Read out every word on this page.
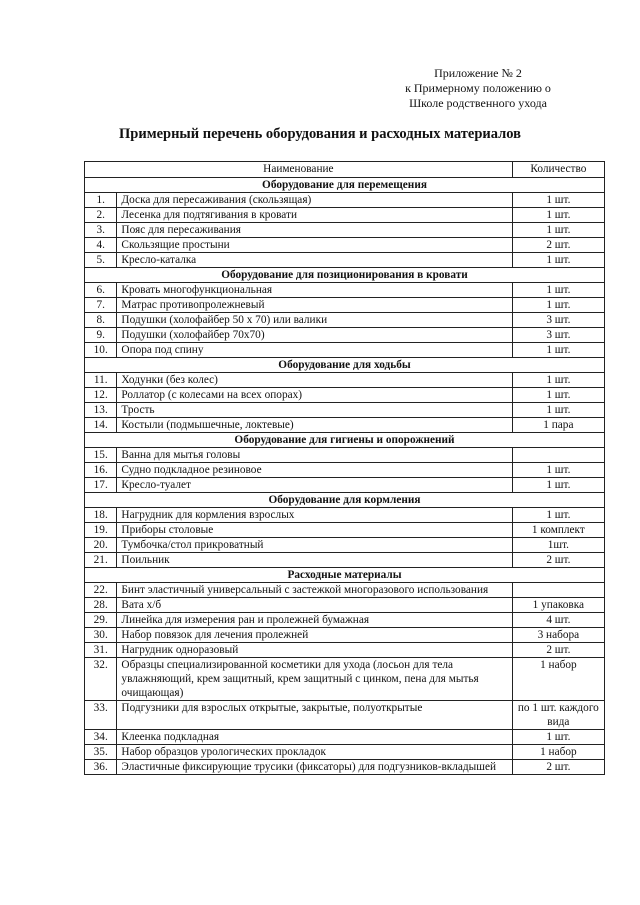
Приложение № 2
к Примерному положению о
Школе родственного ухода
Примерный перечень оборудования и расходных материалов
Наименование		Количество
Оборудование для перемещения		
1.	Доска для пересаживания (скользящая)	1 шт.
2.	Лесенка для подтягивания в кровати	1 шт.
3.	Пояс для пересаживания	1 шт.
4.	Скользящие простыни	2 шт.
5.	Кресло-каталка	1 шт.
Оборудование для позиционирования в кровати		
6.	Кровать многофункциональная	1 шт.
7.	Матрас противопролежневый	1 шт.
8.	Подушки (холофайбер 50 х 70) или валики	3 шт.
9.	Подушки (холофайбер 70х70)	3 шт.
10.	Опора под спину	1 шт.
Оборудование для ходьбы		
11.	Ходунки (без колес)	1 шт.
12.	Роллатор (с колесами на всех опорах)	1 шт.
13.	Трость	1 шт.
14.	Костыли (подмышечные, локтевые)	1 пара
Оборудование для гигиены и опорожнений		
15.	Ванна для мытья головы	
16.	Судно подкладное резиновое	1 шт.
17.	Кресло-туалет	1 шт.
Оборудование для кормления		
18.	Нагрудник для кормления взрослых	1 шт.
19.	Приборы столовые	1 комплект
20.	Тумбочка/стол прикроватный	1шт.
21.	Поильник	2 шт.
Расходные материалы		
22.	Бинт эластичный универсальный с застежкой многоразового использования	
28.	Вата х/б	1 упаковка
29.	Линейка для измерения ран и пролежней бумажная	4 шт.
30.	Набор повязок для лечения пролежней	3 набора
31.	Нагрудник одноразовый	2 шт.
32.	Образцы специализированной косметики для ухода (лосьон для тела увлажняющий, крем защитный, крем защитный с цинком, пена для мытья очищающая)	1 набор
33.	Подгузники для взрослых открытые, закрытые, полуоткрытые	по 1 шт. каждого вида
34.	Клеенка подкладная	1 шт.
35.	Набор образцов урологических прокладок	1 набор
36.	Эластичные фиксирующие трусики (фиксаторы) для подгузников-вкладышей	2 шт.
